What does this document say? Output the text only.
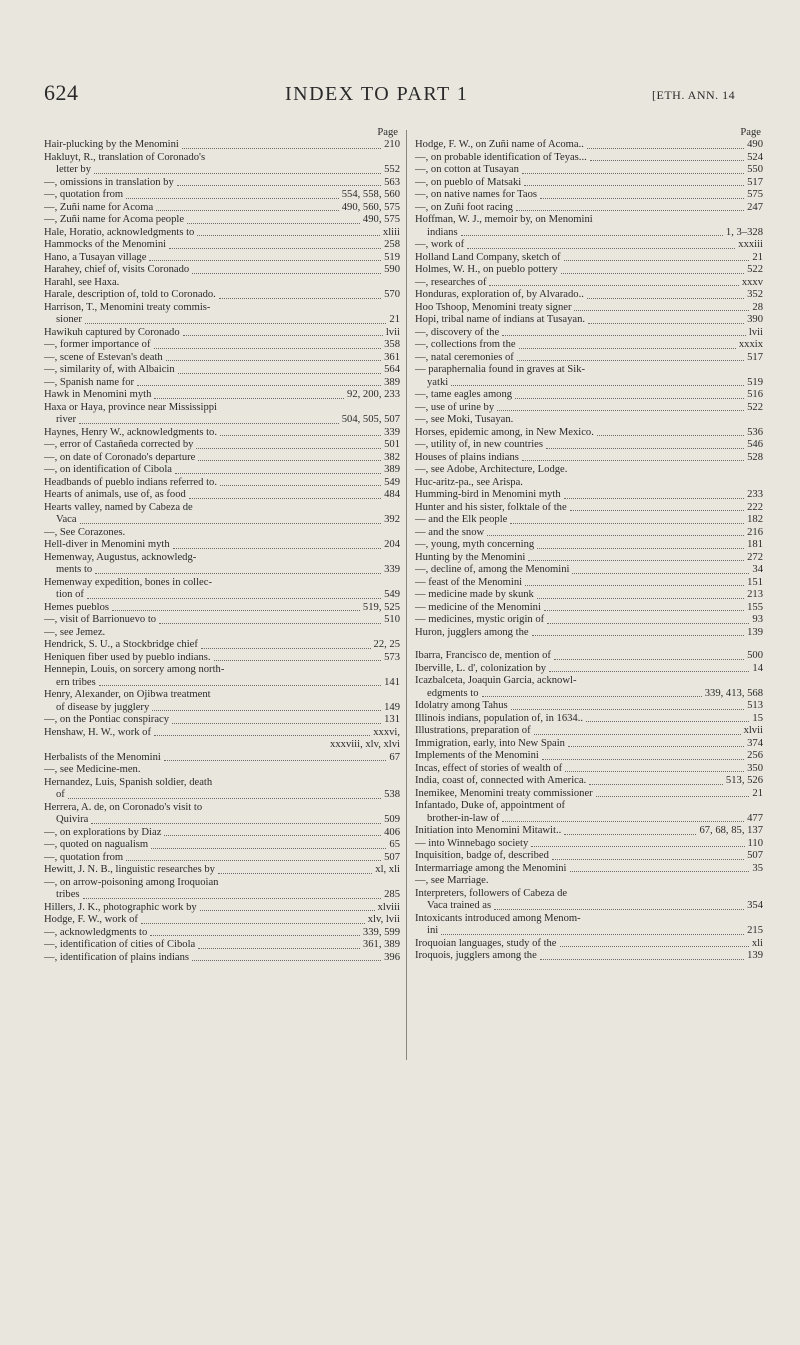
624	INDEX TO PART 1	[ETH. ANN. 14
Page
Hair-plucking by the Menomini	210
Hakluyt, R., translation of Coronado's
letter by	552
—, omissions in translation by	563
—, quotation from	554, 558, 560
—, Zuñi name for Acoma	490, 560, 575
—, Zuñi name for Acoma people	490, 575
Hale, Horatio, acknowledgments to	xliii
Hammocks of the Menomini	258
Hano, a Tusayan village	519
Harahey, chief of, visits Coronado	590
Harahl, see Haxa.
Harale, description of, told to Coronado.	570
Harrison, T., Menomini treaty commis-
sioner	21
Hawikuh captured by Coronado	lvii
—, former importance of	358
—, scene of Estevan's death	361
—, similarity of, with Albaicin	564
—, Spanish name for	389
Hawk in Menomini myth	92, 200, 233
Haxa or Haya, province near Mississippi
river	504, 505, 507
Haynes, Henry W., acknowledgments to.	339
—, error of Castañeda corrected by	501
—, on date of Coronado's departure	382
—, on identification of Cibola	389
Headbands of pueblo indians referred to.	549
Hearts of animals, use of, as food	484
Hearts valley, named by Cabeza de
Vaca	392
—, See Corazones.
Hell-diver in Menomini myth	204
Hemenway, Augustus, acknowledg-
ments to	339
Hemenway expedition, bones in collec-
tion of	549
Hemes pueblos	519, 525
—, visit of Barrionuevo to	510
—, see Jemez.
Hendrick, S. U., a Stockbridge chief	22, 25
Heniquen fiber used by pueblo indians.	573
Hennepin, Louis, on sorcery among north-
ern tribes	141
Henry, Alexander, on Ojibwa treatment
of disease by jugglery	149
—, on the Pontiac conspiracy	131
Henshaw, H. W., work of	xxxvi,
xxxviii, xlv, xlvi
Herbalists of the Menomini	67
—, see Medicine-men.
Hernandez, Luis, Spanish soldier, death
of	538
Herrera, A. de, on Coronado's visit to
Quivira	509
—, on explorations by Diaz	406
—, quoted on nagualism	65
—, quotation from	507
Hewitt, J. N. B., linguistic researches by	xl, xli
—, on arrow-poisoning among Iroquoian
tribes	285
Hillers, J. K., photographic work by	xlviii
Hodge, F. W., work of	xlv, lvii
—, acknowledgments to	339, 599
—, identification of cities of Cibola	361, 389
—, identification of plains indians	396
Page
Hodge, F. W., on Zuñi name of Acoma..	490
—, on probable identification of Teyas...	524
—, on cotton at Tusayan	550
—, on pueblo of Matsaki	517
—, on native names for Taos	575
—, on Zuñi foot racing	247
Hoffman, W. J., memoir by, on Menomini
indians	1, 3–328
—, work of	xxxiii
Holland Land Company, sketch of	21
Holmes, W. H., on pueblo pottery	522
—, researches of	xxxv
Honduras, exploration of, by Alvarado..	352
Hoo Tshoop, Menomini treaty signer	28
Hopi, tribal name of indians at Tusayan.	390
—, discovery of the	lvii
—, collections from the	xxxix
—, natal ceremonies of	517
— paraphernalia found in graves at Sik-
yatki	519
—, tame eagles among	516
—, use of urine by	522
—, see Moki, Tusayan.
Horses, epidemic among, in New Mexico.	536
—, utility of, in new countries	546
Houses of plains indians	528
—, see Adobe, Architecture, Lodge.
Huc-aritz-pa., see Arispa.
Humming-bird in Menomini myth	233
Hunter and his sister, folktale of the	222
— and the Elk people	182
— and the snow	216
—, young, myth concerning	181
Hunting by the Menomini	272
—, decline of, among the Menomini	34
— feast of the Menomini	151
— medicine made by skunk	213
— medicine of the Menomini	155
— medicines, mystic origin of	93
Huron, jugglers among the	139
Ibarra, Francisco de, mention of	500
Iberville, L. d', colonization by	14
Icazbalceta, Joaquin Garcia, acknowl-
edgments to	339, 413, 568
Idolatry among Tahus	513
Illinois indians, population of, in 1634..	15
Illustrations, preparation of	xlvii
Immigration, early, into New Spain	374
Implements of the Menomini	256
Incas, effect of stories of wealth of	350
India, coast of, connected with America.	513, 526
Inemikee, Menomini treaty commissioner	21
Infantado, Duke of, appointment of
brother-in-law of	477
Initiation into Menomini Mitawit..	67, 68, 85, 137
— into Winnebago society	110
Inquisition, badge of, described	507
Intermarriage among the Menomini	35
—, see Marriage.
Interpreters, followers of Cabeza de
Vaca trained as	354
Intoxicants introduced among Menom-
ini	215
Iroquoian languages, study of the	xli
Iroquois, jugglers among the	139
